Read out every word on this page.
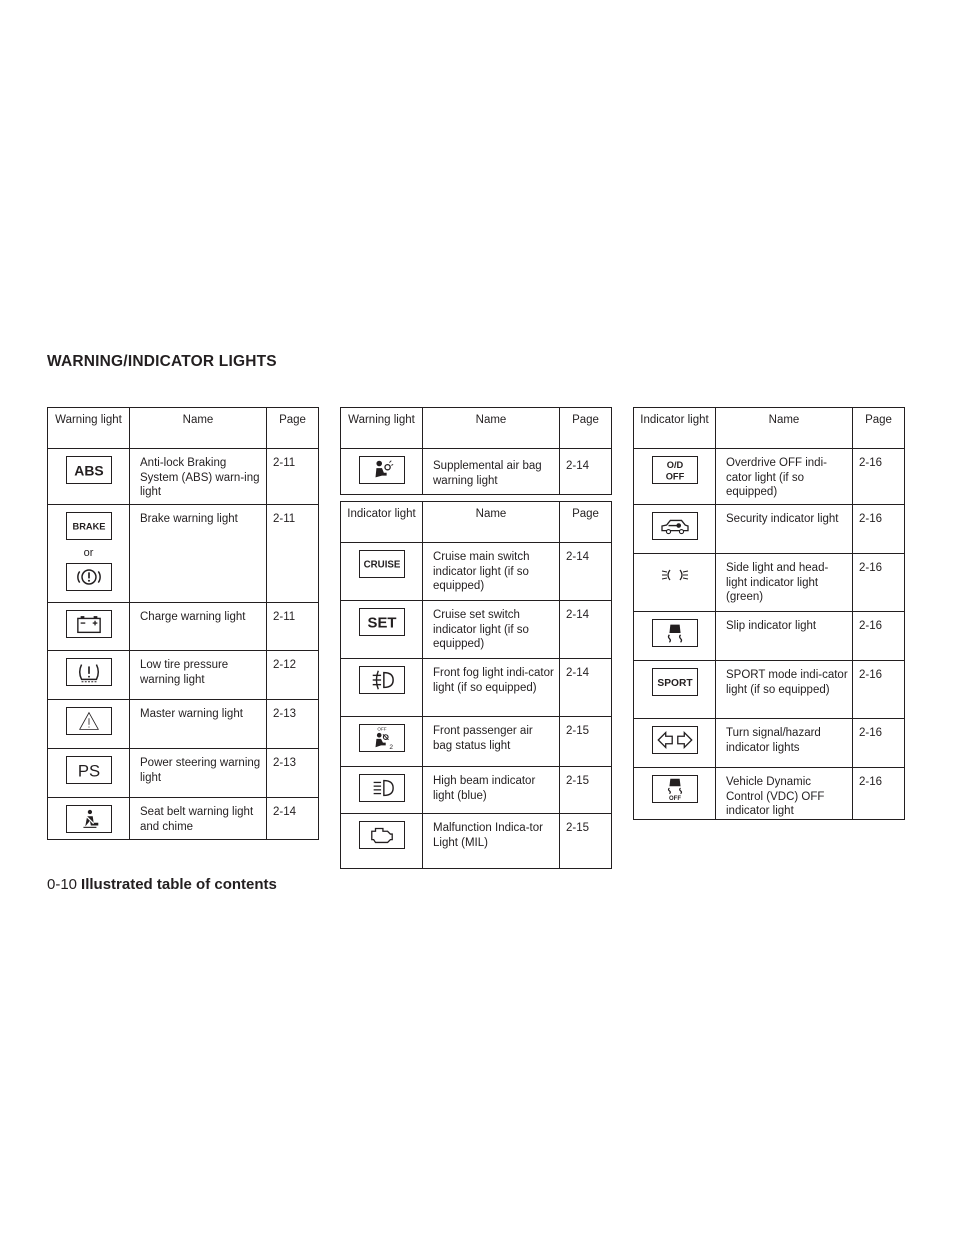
WARNING/INDICATOR LIGHTS
Warning light	Name	Page

ABS	Anti-lock Braking System (ABS) warn-ing light	2-11

BRAKE
or	Brake warning light	2-11

	Charge warning light	2-11

	Low tire pressure warning light	2-12

	Master warning light	2-13

PS	Power steering warning light	2-13

	Seat belt warning light and chime	2-14
Warning light	Name	Page

	Supplemental air bag warning light	2-14
Indicator light	Name	Page

CRUISE	Cruise main switch indicator light (if so equipped)	2-14

SET	Cruise set switch indicator light (if so equipped)	2-14

	Front fog light indi-cator light (if so equipped)	2-14

OFF
2	Front passenger air bag status light	2-15

	High beam indicator light (blue)	2-15

	Malfunction Indica-tor Light (MIL)	2-15
Indicator light	Name	Page

O/D
OFF	Overdrive OFF indi-cator light (if so equipped)	2-16

	Security indicator light	2-16

	Side light and head-light indicator light (green)	2-16

	Slip indicator light	2-16

SPORT	SPORT mode indi-cator light (if so equipped)	2-16

	Turn signal/hazard indicator lights	2-16

OFF	Vehicle Dynamic Control (VDC) OFF indicator light	2-16
0-10 Illustrated table of contents
